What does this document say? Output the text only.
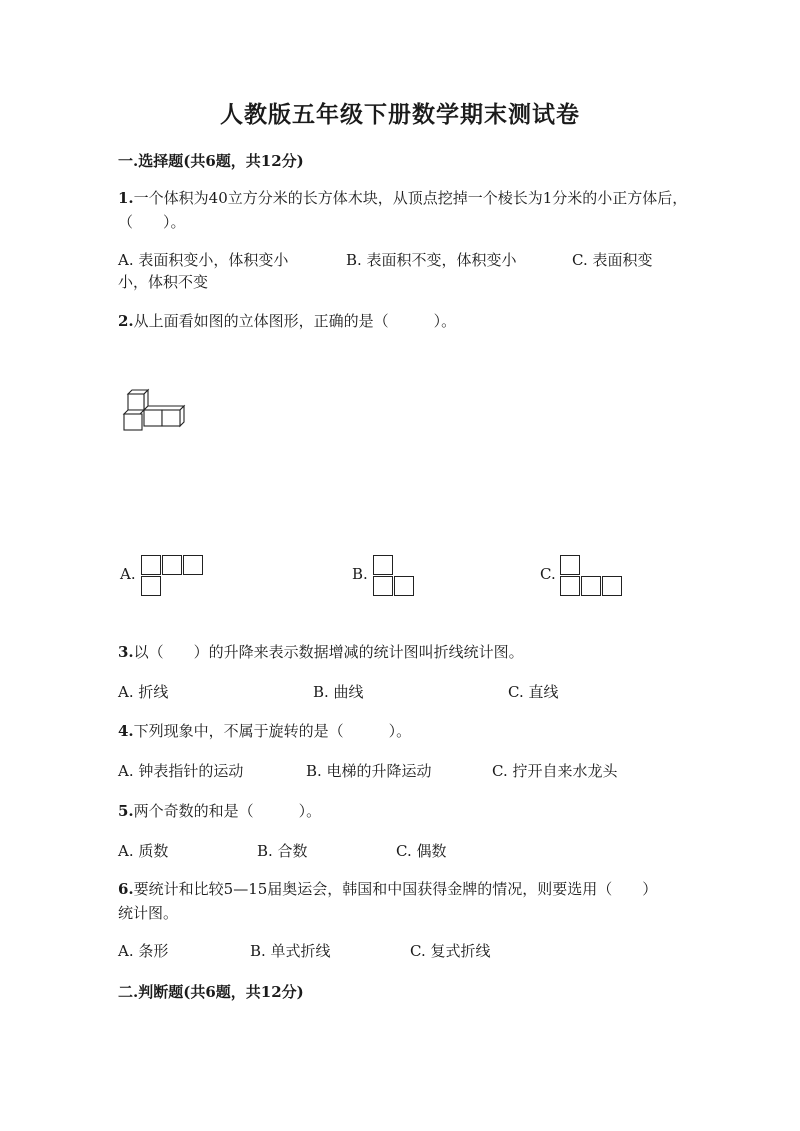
人教版五年级下册数学期末测试卷
一.选择题(共6题，共12分)
1.一个体积为40立方分米的长方体木块，从顶点挖掉一个棱长为1分米的小正方体后，（　　）。
A. 表面积变小，体积变小	B. 表面积不变，体积变小	C. 表面积变
小，体积不变
2.从上面看如图的立体图形，正确的是（　　　）。
A.	B.	C.
3.以（　　）的升降来表示数据增减的统计图叫折线统计图。
A. 折线	B. 曲线	C. 直线
4.下列现象中，不属于旋转的是（　　　）。
A. 钟表指针的运动	B. 电梯的升降运动	C. 拧开自来水龙头
5.两个奇数的和是（　　　）。
A. 质数	B. 合数	C. 偶数
6.要统计和比较5—15届奥运会，韩国和中国获得金牌的情况，则要选用（　　）统计图。
A. 条形	B. 单式折线	C. 复式折线
二.判断题(共6题，共12分)
